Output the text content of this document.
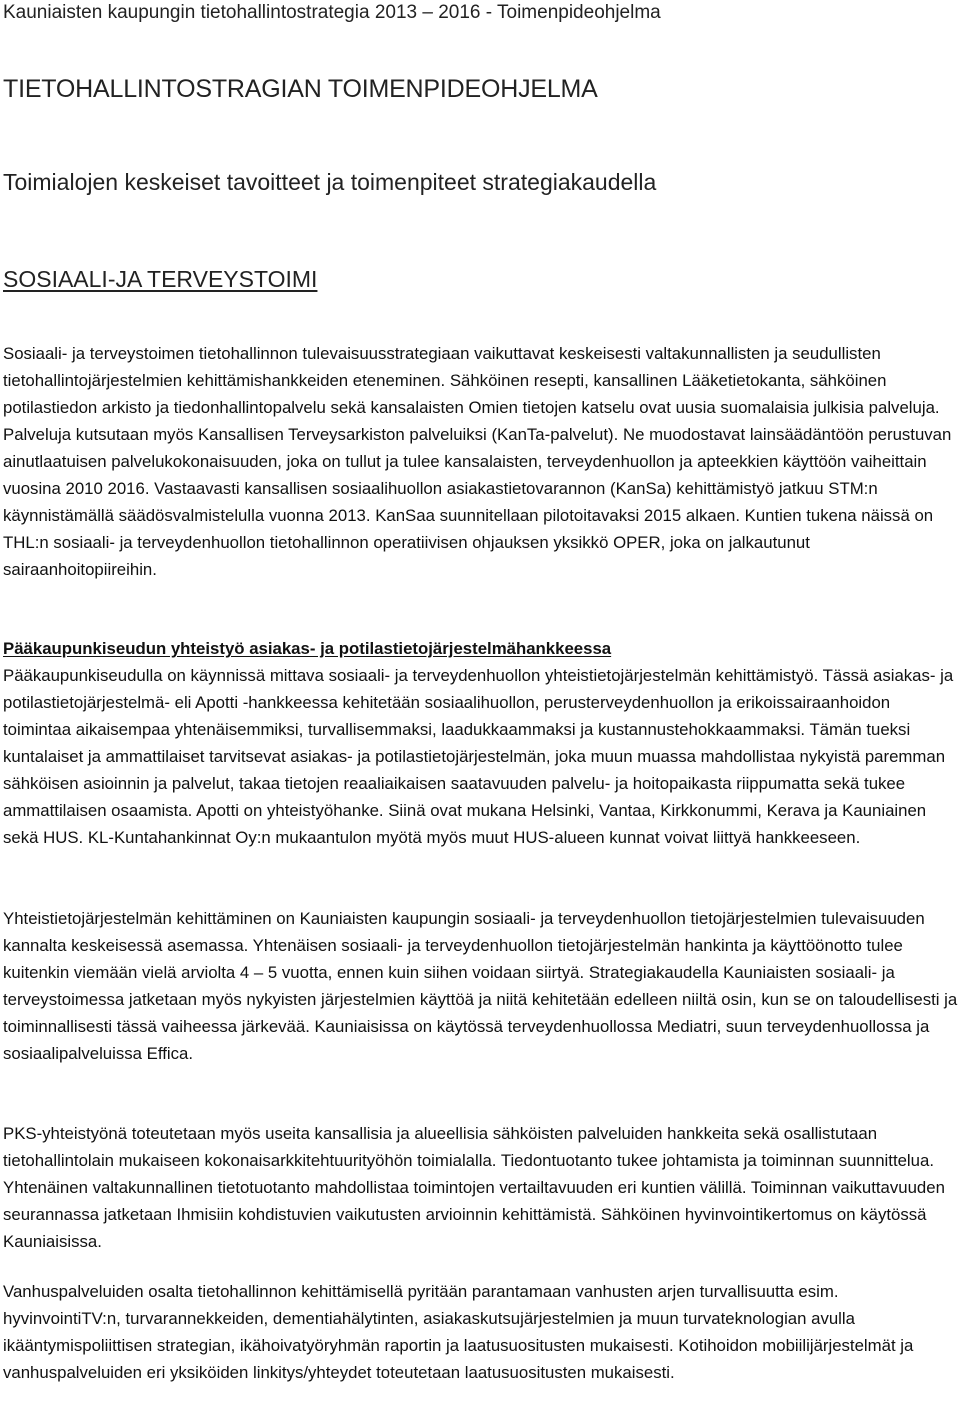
Kauniaisten kaupungin tietohallintostrategia 2013 – 2016 - Toimenpideohjelma
TIETOHALLINTOSTRAGIAN TOIMENPIDEOHJELMA
Toimialojen keskeiset tavoitteet ja toimenpiteet strategiakaudella
SOSIAALI-JA TERVEYSTOIMI

Sosiaali- ja terveystoimen tietohallinnon tulevaisuusstrategiaan vaikuttavat keskeisesti valtakunnallisten ja seudullisten tietohallintojärjestelmien kehittämishankkeiden eteneminen. Sähköinen resepti, kansallinen Lääketietokanta, sähköinen potilastiedon arkisto ja tiedonhallintopalvelu sekä kansalaisten Omien tietojen katselu ovat uusia suomalaisia julkisia palveluja. Palveluja kutsutaan myös Kansallisen Terveysarkiston palveluiksi (KanTa-palvelut). Ne muodostavat lainsäädäntöön perustuvan ainutlaatuisen palvelukokonaisuuden, joka on tullut ja tulee kansalaisten, terveydenhuollon ja apteekkien käyttöön vaiheittain vuosina 2010 2016. Vastaavasti kansallisen sosiaalihuollon asiakastietovarannon (KanSa) kehittämistyö jatkuu STM:n käynnistämällä säädösvalmistelulla vuonna 2013. KanSaa suunnitellaan pilotoitavaksi 2015 alkaen. Kuntien tukena näissä on THL:n sosiaali- ja terveydenhuollon tietohallinnon operatiivisen ohjauksen yksikkö OPER, joka on jalkautunut sairaanhoitopiireihin.

Pääkaupunkiseudun yhteistyö asiakas- ja potilastietojärjestelmähankkeessa

Pääkaupunkiseudulla on käynnissä mittava sosiaali- ja terveydenhuollon yhteistietojärjestelmän kehittämistyö. Tässä asiakas- ja potilastietojärjestelmä- eli Apotti -hankkeessa kehitetään sosiaalihuollon, perusterveydenhuollon ja erikoissairaanhoidon toimintaa aikaisempaa yhtenäisemmiksi, turvallisemmaksi, laadukkaammaksi ja kustannustehokkaammaksi. Tämän tueksi kuntalaiset ja ammattilaiset tarvitsevat asiakas- ja potilastietojärjestelmän, joka muun muassa mahdollistaa nykyistä paremman sähköisen asioinnin ja palvelut, takaa tietojen reaaliaikaisen saatavuuden palvelu- ja hoitopaikasta riippumatta sekä tukee ammattilaisen osaamista. Apotti on yhteistyöhanke. Siinä ovat mukana Helsinki, Vantaa, Kirkkonummi, Kerava ja Kauniainen sekä HUS. KL-Kuntahankinnat Oy:n mukaantulon myötä myös muut HUS-alueen kunnat voivat liittyä hankkeeseen.

Yhteistietojärjestelmän kehittäminen on Kauniaisten kaupungin sosiaali- ja terveydenhuollon tietojärjestelmien tulevaisuuden kannalta keskeisessä asemassa. Yhtenäisen sosiaali- ja terveydenhuollon tietojärjestelmän hankinta ja käyttöönotto tulee kuitenkin viemään vielä arviolta 4 – 5 vuotta, ennen kuin siihen voidaan siirtyä. Strategiakaudella Kauniaisten sosiaali- ja terveystoimessa jatketaan myös nykyisten järjestelmien käyttöä ja niitä kehitetään edelleen niiltä osin, kun se on taloudellisesti ja toiminnallisesti tässä vaiheessa järkevää. Kauniaisissa on käytössä terveydenhuollossa Mediatri, suun terveydenhuollossa ja sosiaalipalveluissa Effica.

PKS-yhteistyönä toteutetaan myös useita kansallisia ja alueellisia sähköisten palveluiden hankkeita sekä osallistutaan tietohallintolain mukaiseen kokonaisarkkitehtuurityöhön toimialalla. Tiedontuotanto tukee johtamista ja toiminnan suunnittelua. Yhtenäinen valtakunnallinen tietotuotanto mahdollistaa toimintojen vertailtavuuden eri kuntien välillä. Toiminnan vaikuttavuuden seurannassa jatketaan Ihmisiin kohdistuvien vaikutusten arvioinnin kehittämistä. Sähköinen hyvinvointikertomus on käytössä Kauniaisissa.

Vanhuspalveluiden osalta tietohallinnon kehittämisellä pyritään parantamaan vanhusten arjen turvallisuutta esim. hyvinvointiTV:n, turvarannekkeiden, dementiahälytinten, asiakaskutsujärjestelmien ja muun turvateknologian avulla ikääntymispoliittisen strategian, ikähoivatyöryhmän raportin ja laatusuositusten mukaisesti. Kotihoidon mobiilijärjestelmät ja vanhuspalveluiden eri yksiköiden linkitys/yhteydet toteutetaan laatusuositusten mukaisesti.
